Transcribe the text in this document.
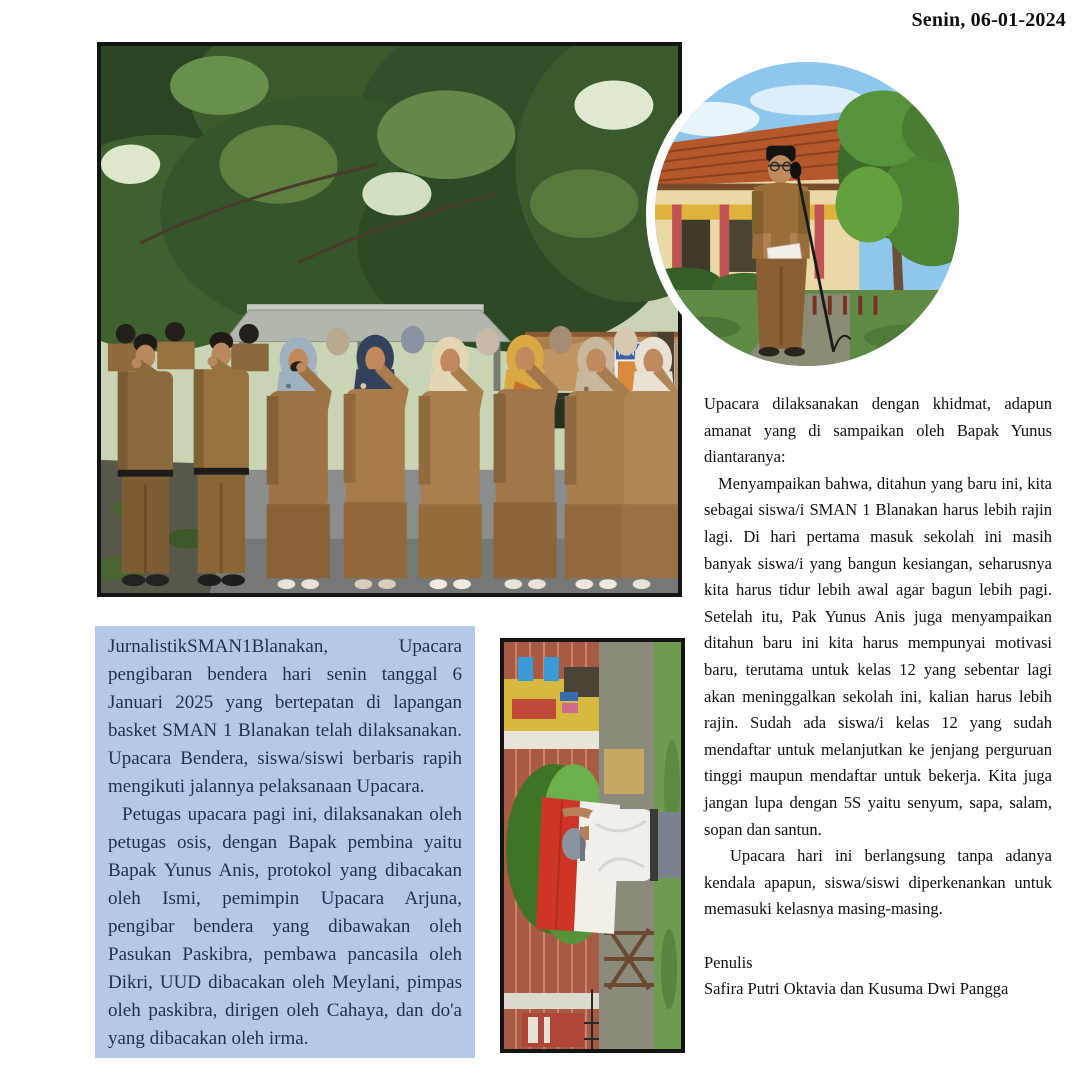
Senin, 06-01-2024

Upacara dilaksanakan dengan khidmat, adapun amanat yang di sampaikan oleh Bapak Yunus diantaranya:

Menyampaikan bahwa, ditahun yang baru ini, kita sebagai siswa/i SMAN 1 Blanakan harus lebih rajin lagi. Di hari pertama masuk sekolah ini masih banyak siswa/i yang bangun kesiangan, seharusnya kita harus tidur lebih awal agar bagun lebih pagi. Setelah itu, Pak Yunus Anis juga menyampaikan ditahun baru ini kita harus mempunyai motivasi baru, terutama untuk kelas 12 yang sebentar lagi akan meninggalkan sekolah ini, kalian harus lebih rajin. Sudah ada siswa/i kelas 12 yang sudah mendaftar untuk melanjutkan ke jenjang perguruan tinggi maupun mendaftar untuk bekerja. Kita juga jangan lupa dengan 5S yaitu senyum, sapa, salam, sopan dan santun.

Upacara hari ini berlangsung tanpa adanya kendala apapun, siswa/siswi diperkenankan untuk memasuki kelasnya masing-masing.

Penulis

Safira Putri Oktavia dan Kusuma Dwi Pangga

JurnalistikSMAN1Blanakan, Upacara pengibaran bendera hari senin tanggal 6 Januari 2025 yang bertepatan di lapangan basket SMAN 1 Blanakan telah dilaksanakan. Upacara Bendera, siswa/siswi berbaris rapih mengikuti jalannya pelaksanaan Upacara.

Petugas upacara pagi ini, dilaksanakan oleh petugas osis, dengan Bapak pembina yaitu Bapak Yunus Anis, protokol yang dibacakan oleh Ismi, pemimpin Upacara Arjuna, pengibar bendera yang dibawakan oleh Pasukan Paskibra, pembawa pancasila oleh Dikri, UUD dibacakan oleh Meylani, pimpas oleh paskibra, dirigen oleh Cahaya, dan do'a yang dibacakan oleh irma.
